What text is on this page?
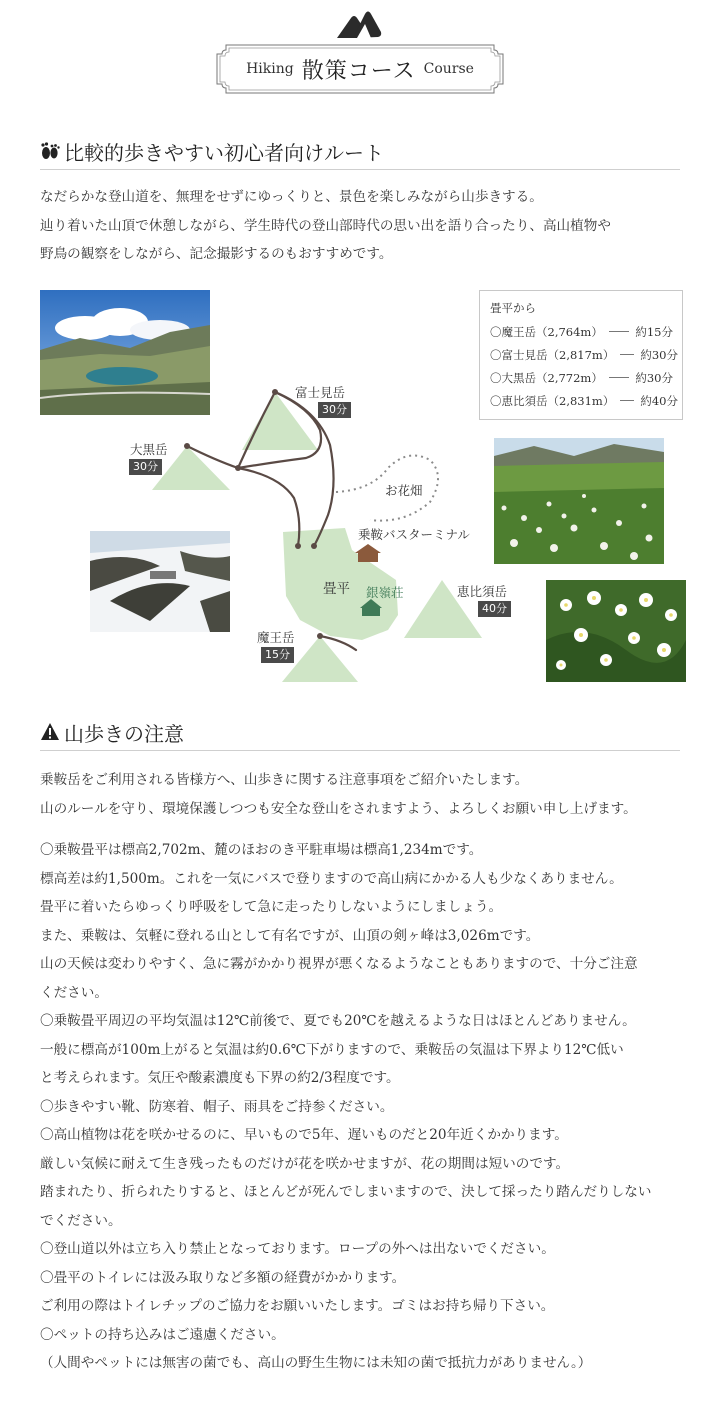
Hiking 散策コース Course
比較的歩きやすい初心者向けルート

なだらかな登山道を、無理をせずにゆっくりと、景色を楽しみながら山歩きする。

辿り着いた山頂で休憩しながら、学生時代の登山部時代の思い出を語り合ったり、高山植物や

野鳥の観察をしながら、記念撮影するのもおすすめです。

畳平から
〇魔王岳（2,764m）	約15分
〇富士見岳（2,817m） 約30分
〇大黒岳（2,772m）	約30分
〇恵比須岳（2,831m） 約40分
富士見岳
30分
大黒岳
30分
恵比須岳
40分
魔王岳
15分
お花畑
乗鞍バスターミナル
畳平 銀嶺荘
山歩きの注意

乗鞍岳をご利用される皆様方へ、山歩きに関する注意事項をご紹介いたします。

山のルールを守り、環境保護しつつも安全な登山をされますよう、よろしくお願い申し上げます。

〇乗鞍畳平は標高2,702m、麓のほおのき平駐車場は標高1,234mです。

標高差は約1,500m。これを一気にバスで登りますので高山病にかかる人も少なくありません。

畳平に着いたらゆっくり呼吸をして急に走ったりしないようにしましょう。

また、乗鞍は、気軽に登れる山として有名ですが、山頂の剣ヶ峰は3,026mです。

山の天候は変わりやすく、急に霧がかかり視界が悪くなるようなこともありますので、十分ご注意

ください。

〇乗鞍畳平周辺の平均気温は12℃前後で、夏でも20℃を越えるような日はほとんどありません。

一般に標高が100m上がると気温は約0.6℃下がりますので、乗鞍岳の気温は下界より12℃低い

と考えられます。気圧や酸素濃度も下界の約2/3程度です。

〇歩きやすい靴、防寒着、帽子、雨具をご持参ください。

〇高山植物は花を咲かせるのに、早いもので5年、遅いものだと20年近くかかります。

厳しい気候に耐えて生き残ったものだけが花を咲かせますが、花の期間は短いのです。

踏まれたり、折られたりすると、ほとんどが死んでしまいますので、決して採ったり踏んだりしない

でください。

〇登山道以外は立ち入り禁止となっております。ロープの外へは出ないでください。

〇畳平のトイレには汲み取りなど多額の経費がかかります。

ご利用の際はトイレチップのご協力をお願いいたします。ゴミはお持ち帰り下さい。

〇ペットの持ち込みはご遠慮ください。

（人間やペットには無害の菌でも、高山の野生生物には未知の菌で抵抗力がありません。）
